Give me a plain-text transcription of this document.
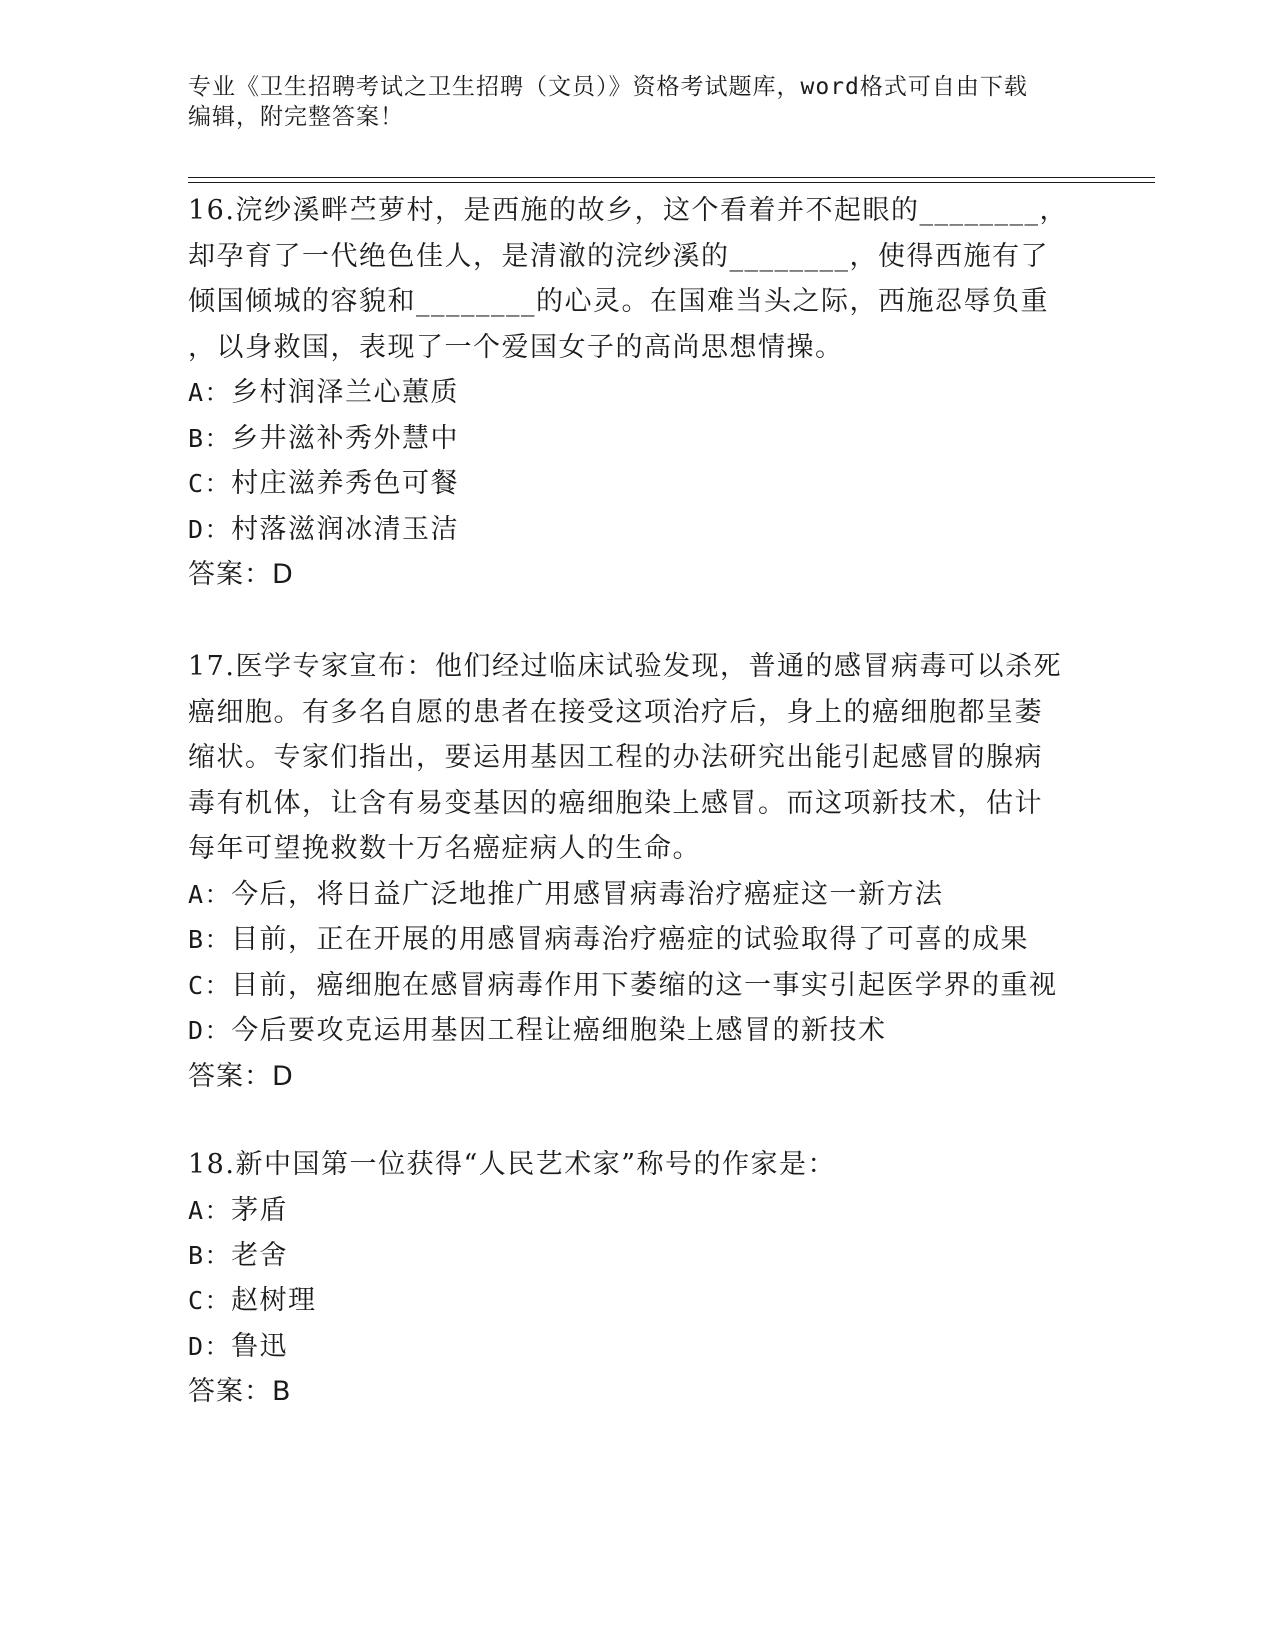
专业《卫生招聘考试之卫生招聘（文员）》资格考试题库，word格式可自由下载
编辑，附完整答案！

16.浣纱溪畔苎萝村，是西施的故乡，这个看着并不起眼的________，

却孕育了一代绝色佳人，是清澈的浣纱溪的________，使得西施有了

倾国倾城的容貌和________的心灵。在国难当头之际，西施忍辱负重

，以身救国，表现了一个爱国女子的高尚思想情操。

A：乡村润泽兰心蕙质

B：乡井滋补秀外慧中

C：村庄滋养秀色可餐

D：村落滋润冰清玉洁

答案：D

17.医学专家宣布：他们经过临床试验发现，普通的感冒病毒可以杀死

癌细胞。有多名自愿的患者在接受这项治疗后，身上的癌细胞都呈萎

缩状。专家们指出，要运用基因工程的办法研究出能引起感冒的腺病

毒有机体，让含有易变基因的癌细胞染上感冒。而这项新技术，估计

每年可望挽救数十万名癌症病人的生命。

A：今后，将日益广泛地推广用感冒病毒治疗癌症这一新方法

B：目前，正在开展的用感冒病毒治疗癌症的试验取得了可喜的成果

C：目前，癌细胞在感冒病毒作用下萎缩的这一事实引起医学界的重视

D：今后要攻克运用基因工程让癌细胞染上感冒的新技术

答案：D

18.新中国第一位获得“人民艺术家”称号的作家是：

A：茅盾

B：老舍

C：赵树理

D：鲁迅

答案：B
